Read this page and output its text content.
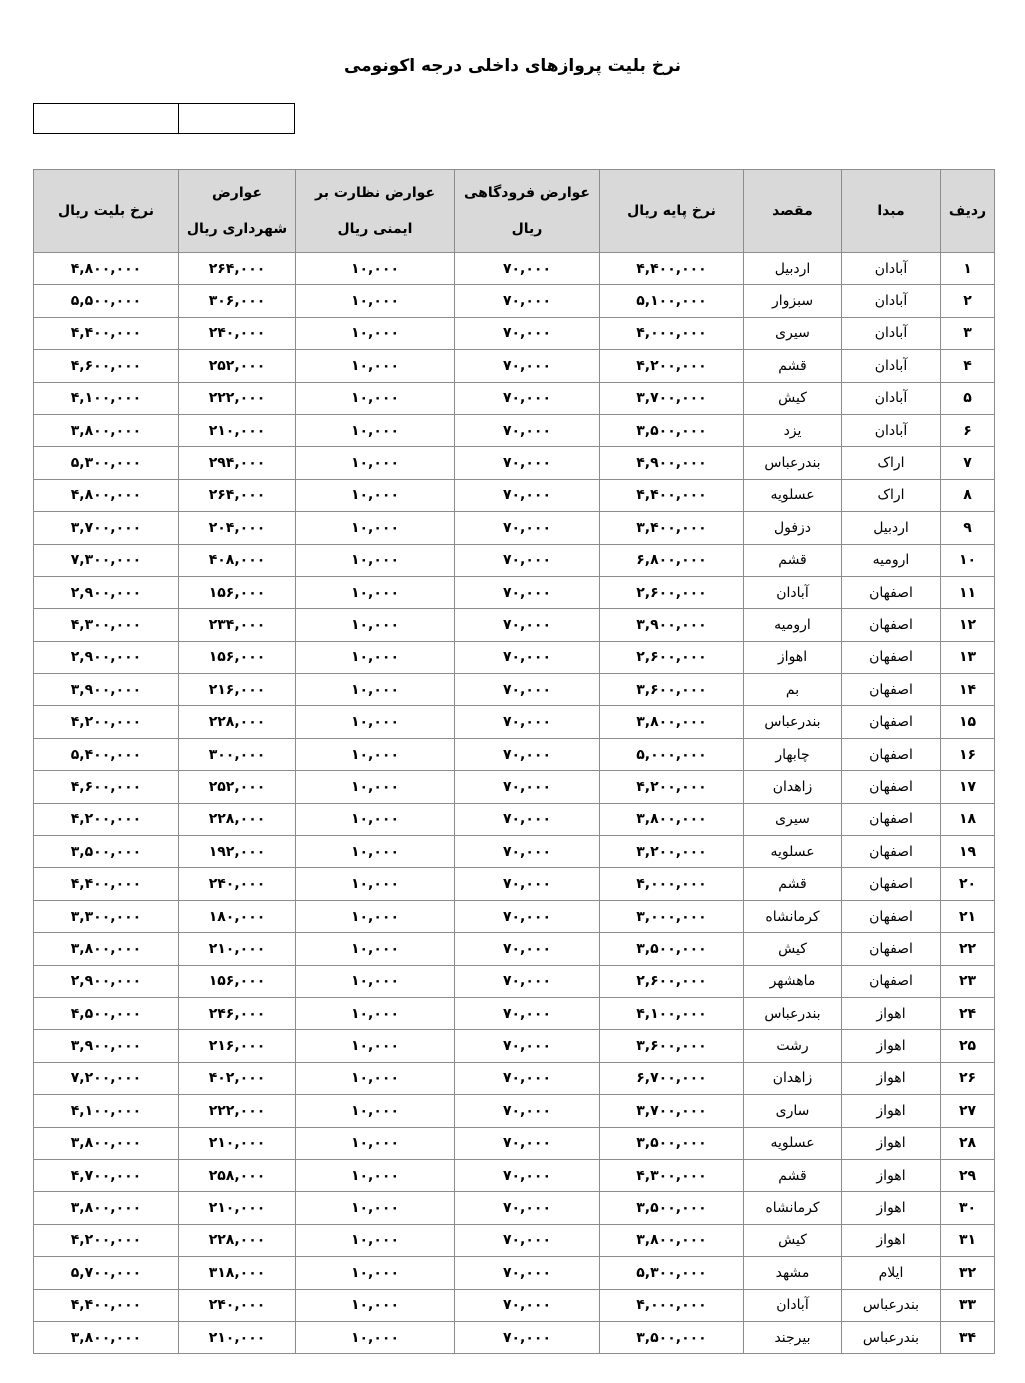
نرخ بلیت پروازهای داخلی درجه اکونومی
ردیف	مبدا	مقصد	نرخ پایه ریال	عوارض فرودگاهی ریال	عوارض نظارت بر ایمنی ریال	عوارض شهرداری ریال	نرخ بلیت ریال
۱	آبادان	اردبیل	۴,۴۰۰,۰۰۰	۷۰,۰۰۰	۱۰,۰۰۰	۲۶۴,۰۰۰	۴,۸۰۰,۰۰۰
۲	آبادان	سبزوار	۵,۱۰۰,۰۰۰	۷۰,۰۰۰	۱۰,۰۰۰	۳۰۶,۰۰۰	۵,۵۰۰,۰۰۰
۳	آبادان	سیری	۴,۰۰۰,۰۰۰	۷۰,۰۰۰	۱۰,۰۰۰	۲۴۰,۰۰۰	۴,۴۰۰,۰۰۰
۴	آبادان	قشم	۴,۲۰۰,۰۰۰	۷۰,۰۰۰	۱۰,۰۰۰	۲۵۲,۰۰۰	۴,۶۰۰,۰۰۰
۵	آبادان	کیش	۳,۷۰۰,۰۰۰	۷۰,۰۰۰	۱۰,۰۰۰	۲۲۲,۰۰۰	۴,۱۰۰,۰۰۰
۶	آبادان	یزد	۳,۵۰۰,۰۰۰	۷۰,۰۰۰	۱۰,۰۰۰	۲۱۰,۰۰۰	۳,۸۰۰,۰۰۰
۷	اراک	بندرعباس	۴,۹۰۰,۰۰۰	۷۰,۰۰۰	۱۰,۰۰۰	۲۹۴,۰۰۰	۵,۳۰۰,۰۰۰
۸	اراک	عسلویه	۴,۴۰۰,۰۰۰	۷۰,۰۰۰	۱۰,۰۰۰	۲۶۴,۰۰۰	۴,۸۰۰,۰۰۰
۹	اردبیل	دزفول	۳,۴۰۰,۰۰۰	۷۰,۰۰۰	۱۰,۰۰۰	۲۰۴,۰۰۰	۳,۷۰۰,۰۰۰
۱۰	ارومیه	قشم	۶,۸۰۰,۰۰۰	۷۰,۰۰۰	۱۰,۰۰۰	۴۰۸,۰۰۰	۷,۳۰۰,۰۰۰
۱۱	اصفهان	آبادان	۲,۶۰۰,۰۰۰	۷۰,۰۰۰	۱۰,۰۰۰	۱۵۶,۰۰۰	۲,۹۰۰,۰۰۰
۱۲	اصفهان	ارومیه	۳,۹۰۰,۰۰۰	۷۰,۰۰۰	۱۰,۰۰۰	۲۳۴,۰۰۰	۴,۳۰۰,۰۰۰
۱۳	اصفهان	اهواز	۲,۶۰۰,۰۰۰	۷۰,۰۰۰	۱۰,۰۰۰	۱۵۶,۰۰۰	۲,۹۰۰,۰۰۰
۱۴	اصفهان	بم	۳,۶۰۰,۰۰۰	۷۰,۰۰۰	۱۰,۰۰۰	۲۱۶,۰۰۰	۳,۹۰۰,۰۰۰
۱۵	اصفهان	بندرعباس	۳,۸۰۰,۰۰۰	۷۰,۰۰۰	۱۰,۰۰۰	۲۲۸,۰۰۰	۴,۲۰۰,۰۰۰
۱۶	اصفهان	چابهار	۵,۰۰۰,۰۰۰	۷۰,۰۰۰	۱۰,۰۰۰	۳۰۰,۰۰۰	۵,۴۰۰,۰۰۰
۱۷	اصفهان	زاهدان	۴,۲۰۰,۰۰۰	۷۰,۰۰۰	۱۰,۰۰۰	۲۵۲,۰۰۰	۴,۶۰۰,۰۰۰
۱۸	اصفهان	سیری	۳,۸۰۰,۰۰۰	۷۰,۰۰۰	۱۰,۰۰۰	۲۲۸,۰۰۰	۴,۲۰۰,۰۰۰
۱۹	اصفهان	عسلویه	۳,۲۰۰,۰۰۰	۷۰,۰۰۰	۱۰,۰۰۰	۱۹۲,۰۰۰	۳,۵۰۰,۰۰۰
۲۰	اصفهان	قشم	۴,۰۰۰,۰۰۰	۷۰,۰۰۰	۱۰,۰۰۰	۲۴۰,۰۰۰	۴,۴۰۰,۰۰۰
۲۱	اصفهان	کرمانشاه	۳,۰۰۰,۰۰۰	۷۰,۰۰۰	۱۰,۰۰۰	۱۸۰,۰۰۰	۳,۳۰۰,۰۰۰
۲۲	اصفهان	کیش	۳,۵۰۰,۰۰۰	۷۰,۰۰۰	۱۰,۰۰۰	۲۱۰,۰۰۰	۳,۸۰۰,۰۰۰
۲۳	اصفهان	ماهشهر	۲,۶۰۰,۰۰۰	۷۰,۰۰۰	۱۰,۰۰۰	۱۵۶,۰۰۰	۲,۹۰۰,۰۰۰
۲۴	اهواز	بندرعباس	۴,۱۰۰,۰۰۰	۷۰,۰۰۰	۱۰,۰۰۰	۲۴۶,۰۰۰	۴,۵۰۰,۰۰۰
۲۵	اهواز	رشت	۳,۶۰۰,۰۰۰	۷۰,۰۰۰	۱۰,۰۰۰	۲۱۶,۰۰۰	۳,۹۰۰,۰۰۰
۲۶	اهواز	زاهدان	۶,۷۰۰,۰۰۰	۷۰,۰۰۰	۱۰,۰۰۰	۴۰۲,۰۰۰	۷,۲۰۰,۰۰۰
۲۷	اهواز	ساری	۳,۷۰۰,۰۰۰	۷۰,۰۰۰	۱۰,۰۰۰	۲۲۲,۰۰۰	۴,۱۰۰,۰۰۰
۲۸	اهواز	عسلویه	۳,۵۰۰,۰۰۰	۷۰,۰۰۰	۱۰,۰۰۰	۲۱۰,۰۰۰	۳,۸۰۰,۰۰۰
۲۹	اهواز	قشم	۴,۳۰۰,۰۰۰	۷۰,۰۰۰	۱۰,۰۰۰	۲۵۸,۰۰۰	۴,۷۰۰,۰۰۰
۳۰	اهواز	کرمانشاه	۳,۵۰۰,۰۰۰	۷۰,۰۰۰	۱۰,۰۰۰	۲۱۰,۰۰۰	۳,۸۰۰,۰۰۰
۳۱	اهواز	کیش	۳,۸۰۰,۰۰۰	۷۰,۰۰۰	۱۰,۰۰۰	۲۲۸,۰۰۰	۴,۲۰۰,۰۰۰
۳۲	ایلام	مشهد	۵,۳۰۰,۰۰۰	۷۰,۰۰۰	۱۰,۰۰۰	۳۱۸,۰۰۰	۵,۷۰۰,۰۰۰
۳۳	بندرعباس	آبادان	۴,۰۰۰,۰۰۰	۷۰,۰۰۰	۱۰,۰۰۰	۲۴۰,۰۰۰	۴,۴۰۰,۰۰۰
۳۴	بندرعباس	بیرجند	۳,۵۰۰,۰۰۰	۷۰,۰۰۰	۱۰,۰۰۰	۲۱۰,۰۰۰	۳,۸۰۰,۰۰۰
